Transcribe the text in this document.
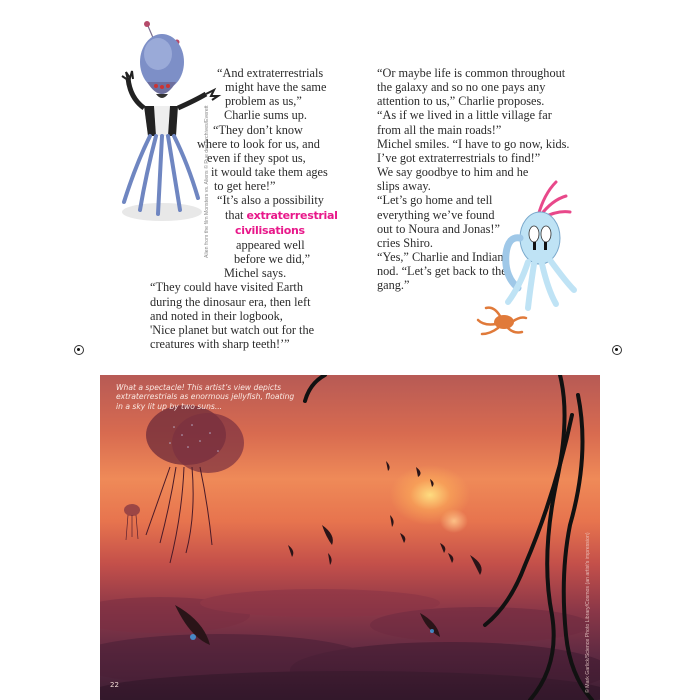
Alien from the film Monsters vs. Aliens © Rue des Archives/Everett
“And extraterrestrials
might have the same
problem as us,”
Charlie sums up.
“They don’t know
where to look for us, and
even if they spot us,
it would take them ages
to get here!”
“It’s also a possibility
that extraterrestrial
civilisations
appeared well
before we did,”
Michel says.
“They could have visited Earth
during the dinosaur era, then left
and noted in their logbook,
'Nice planet but watch out for the
creatures with sharp teeth!’”
“Or maybe life is common throughout
the galaxy and so no one pays any
attention to us,” Charlie proposes.
“As if we lived in a little village far
from all the main roads!”
Michel smiles. “I have to go now, kids.
I’ve got extraterrestrials to find!”
We say goodbye to him and he
slips away.
“Let’s go home and tell
everything we’ve found
out to Noura and Jonas!”
cries Shiro.
“Yes,” Charlie and Indiana
nod. “Let’s get back to the
gang.”
What a spectacle! This artist’s view depicts extraterrestrials as enormous jellyfish, floating in a sky lit up by two suns...
22	© Mark Garlick/Science Photo Library/Cosmos (an artist’s impression)
